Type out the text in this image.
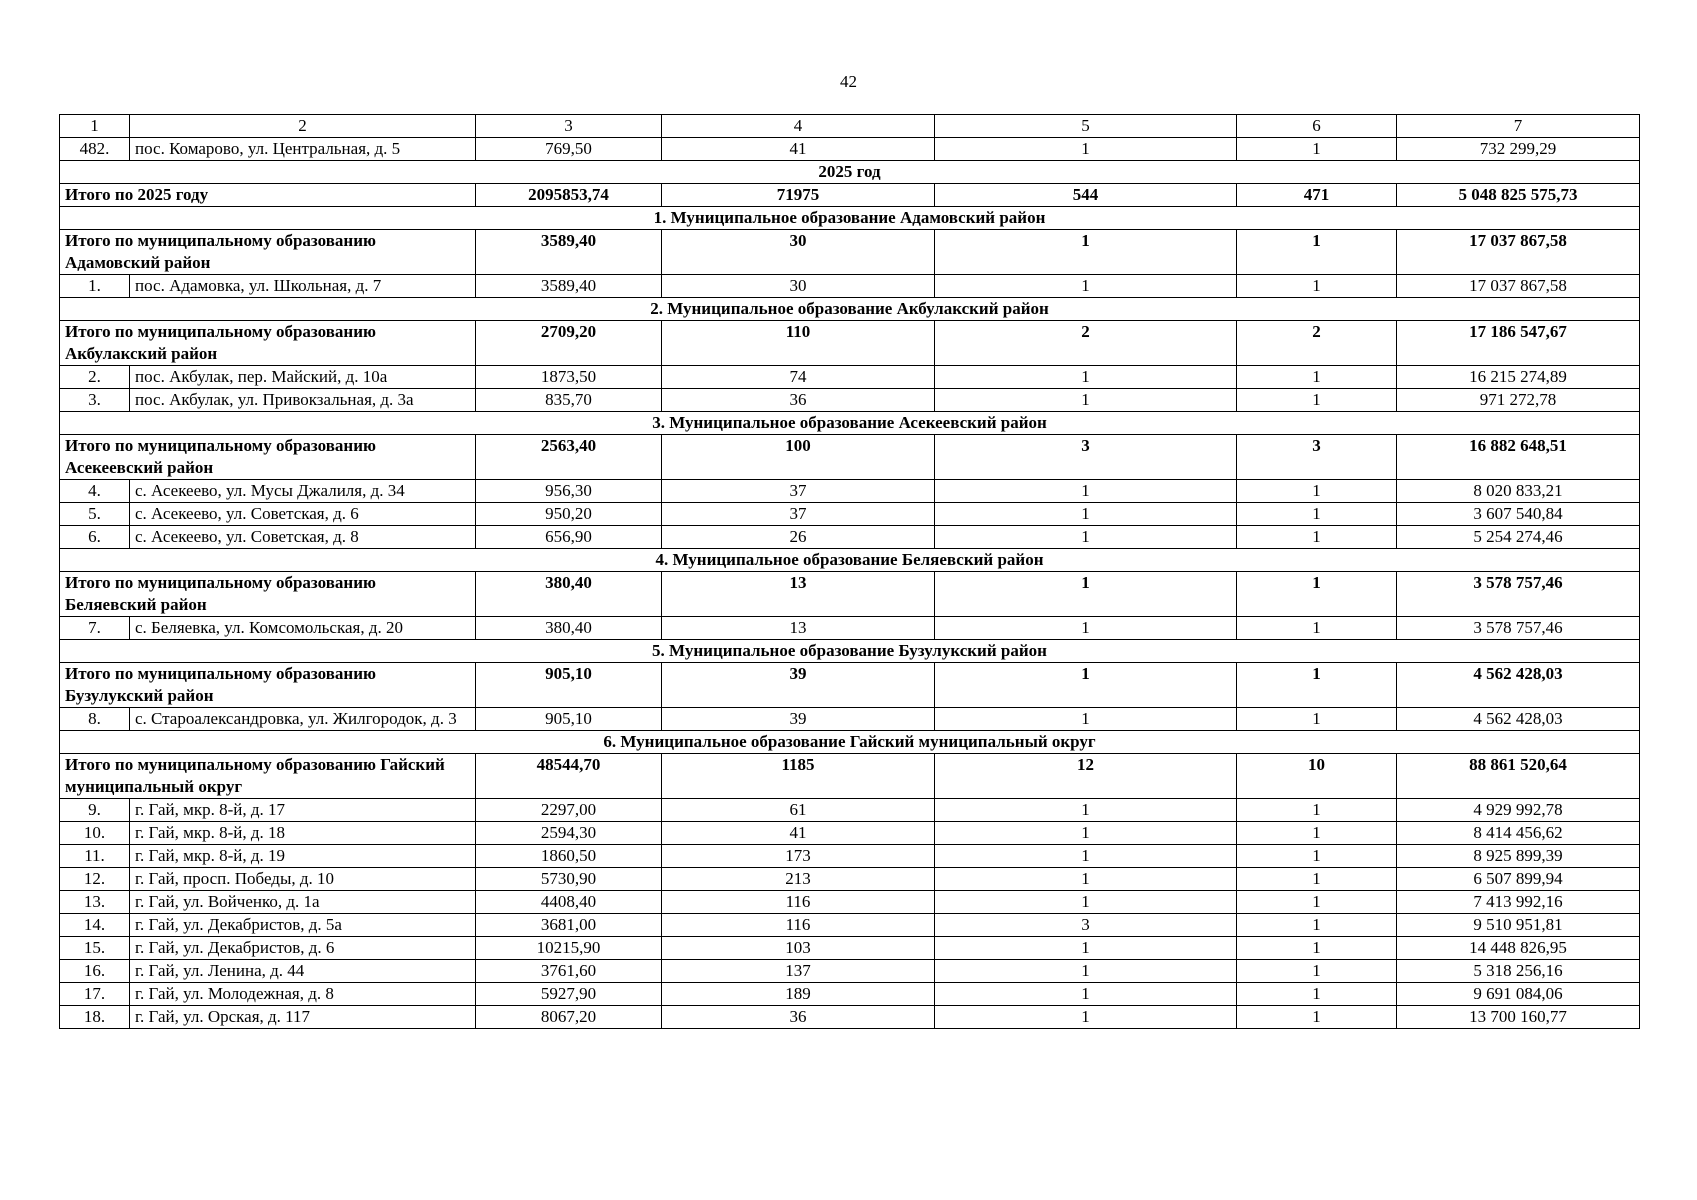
42
1	2	3	4	5	6	7
482.	пос. Комарово, ул. Центральная, д. 5	769,50	41	1	1	732 299,29
2025 год						
Итого по 2025 году		2095853,74	71975	544	471	5 048 825 575,73
1. Муниципальное образование Адамовский район						
Итого по муниципальному образованию Адамовский район		3589,40	30	1	1	17 037 867,58
1.	пос. Адамовка, ул. Школьная, д. 7	3589,40	30	1	1	17 037 867,58
2. Муниципальное образование Акбулакский район						
Итого по муниципальному образованию Акбулакский район		2709,20	110	2	2	17 186 547,67
2.	пос. Акбулак, пер. Майский, д. 10а	1873,50	74	1	1	16 215 274,89
3.	пос. Акбулак, ул. Привокзальная, д. 3а	835,70	36	1	1	971 272,78
3. Муниципальное образование Асекеевский район						
Итого по муниципальному образованию Асекеевский район		2563,40	100	3	3	16 882 648,51
4.	с. Асекеево, ул. Мусы Джалиля, д. 34	956,30	37	1	1	8 020 833,21
5.	с. Асекеево, ул. Советская, д. 6	950,20	37	1	1	3 607 540,84
6.	с. Асекеево, ул. Советская, д. 8	656,90	26	1	1	5 254 274,46
4. Муниципальное образование Беляевский район						
Итого по муниципальному образованию Беляевский район		380,40	13	1	1	3 578 757,46
7.	с. Беляевка, ул. Комсомольская, д. 20	380,40	13	1	1	3 578 757,46
5. Муниципальное образование Бузулукский район						
Итого по муниципальному образованию Бузулукский район		905,10	39	1	1	4 562 428,03
8.	с. Староалександровка, ул. Жилгородок, д. 3	905,10	39	1	1	4 562 428,03
6. Муниципальное образование Гайский муниципальный округ						
Итого по муниципальному образованию Гайский муниципальный округ		48544,70	1185	12	10	88 861 520,64
9.	г. Гай, мкр. 8-й, д. 17	2297,00	61	1	1	4 929 992,78
10.	г. Гай, мкр. 8-й, д. 18	2594,30	41	1	1	8 414 456,62
11.	г. Гай, мкр. 8-й, д. 19	1860,50	173	1	1	8 925 899,39
12.	г. Гай, просп. Победы, д. 10	5730,90	213	1	1	6 507 899,94
13.	г. Гай, ул. Войченко, д. 1а	4408,40	116	1	1	7 413 992,16
14.	г. Гай, ул. Декабристов, д. 5а	3681,00	116	3	1	9 510 951,81
15.	г. Гай, ул. Декабристов, д. 6	10215,90	103	1	1	14 448 826,95
16.	г. Гай, ул. Ленина, д. 44	3761,60	137	1	1	5 318 256,16
17.	г. Гай, ул. Молодежная, д. 8	5927,90	189	1	1	9 691 084,06
18.	г. Гай, ул. Орская, д. 117	8067,20	36	1	1	13 700 160,77
